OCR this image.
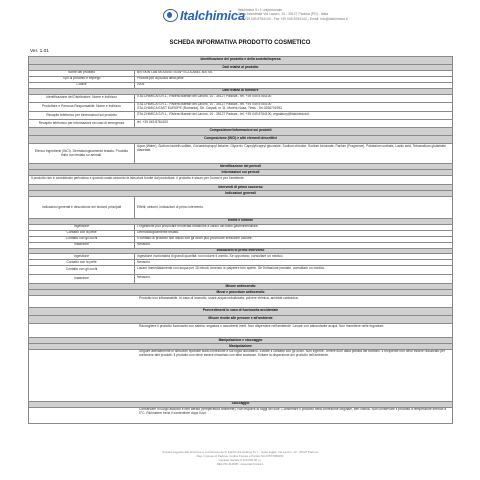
Italchimica
Italchimica S.r.l. unipersonale
Zona Industriale Via Lavoro, 10 - 35127 Padova (PD) - Italia
Tel. +39 049 8764100 - Fax +39 049 8764142 - Email: info@italchimica.it
SCHEDA INFORMATIVA PRODOTTO COSMETICO
Ver. 1.01
Identificazione del prodotto e della società/impresa	
Dati relativi al prodotto	
Nome del prodotto	BN SKIN LAB MOUSSE SOAP ECOLABEL 800 ML
Tipo di prodotto e impiego	Prodotti per la pulizia della pelle
Codice	0005
Dati relativi al fornitore	
Identificazione del Distributore: Nome e Indirizzo	ITALCHIMICA S.R.L., Riviera Maestri del Lavoro, 10 - 35127 Padova - tel. +39 049 8764100
Produttore e Persona Responsabile: Nome e Indirizzo	ITALCHIMICA S.R.L., Riviera Maestri del Lavoro, 10 - 35127 Padova - tel. +39 049 8764100
ITALCHIMICA EAST EUROPE (Romania), Str. Carpati, nr 11, Moreni-Nusa, Timis - Tel.0256701952

Recapito telefonico per informazioni sul prodotto	ITALCHIMICA S.R.L., Riviera Maestri del Lavoro, 10 - 35127 Padova - tel. +39 049 8764100, regulatory@italchimica.it
Recapito telefonico per informazioni nei casi di emergenza	tel. +39 049 8764100
Composizione/informazioni sui prodotti	
Composizione (INCI) e altri elementi descrittivi	
Elenco ingredienti (INCI). Dermatologicamente testato. Prodotto finito non testato su animali.	Aqua (Water), Sodium laureth sulfate, Cocamidopropyl betaine, Glycerin, Caprylyl/capryl glucoside, Sodium chloride, Sodium benzoate, Parfum (Fragrance), Potassium sorbate, Lactic acid, Tetrasodium glutamate diacetate.
Identificazione dei pericoli	
Informazioni sui pericoli	
Il prodotto non è considerato pericoloso e quando usato secondo le istruzioni fornite dal produttore, il prodotto è sicuro per l'uomo e per l'ambiente.	
Interventi di primo soccorso	
Indicazioni generali	
Indicazioni generali e descrizione dei sintomi principali	Effetti, sintomi, indicazioni di primo intervento.
Effetti e sintomi	
Ingestione	L'ingestione può provocare moderata irritazione a carico del tratto gastrointestinale.
Contatto con la pelle	Dermatologicamente testato.
Contatto con gli occhi	Il contatto di prodotto non diluito con gli occhi può provocare irritazione oculare.
Inalazione	Nessuno.
Indicazioni di primo intervento	
Ingestione	Ingestione involontaria di grandi quantità: non indurre il vomito. Se opportuno, consultare un medico.
Contatto con la pelle	Nessuno.
Contatto con gli occhi	Lavare immediatamente con acqua per 15 minuti, tenendo le palpebre ben aperte. Se l'irritazione persiste, consultare un medico.
Inalazione	Nessuno.
Misure antincendio	
Mezzi e procedure antincendio	
Prodotto non infiammabile. In caso di incendio, usare acqua nebulizzata, polvere chimica, anidride carbonica.	
Provvedimenti in caso di fuoriuscita accidentale	
Misure rivolte alle persone e all'ambiente	
Raccogliere il prodotto fuoriuscito con sabbia, segatura o assorbenti inerti. Non disperdere nell'ambiente. Lavare con abbondante acqua. Non immettere nelle fognature.	
Manipolazione e stoccaggio	
Manipolazione	
Seguire attentamente le istruzioni riportate sulla confezione e sul foglio illustrativo. Evitare il contatto con gli occhi. Non ingerire. Tenere fuori dalla portata dei bambini. Il recipiente non deve essere riutilizzato per contenere altri prodotti. Il prodotto non deve essere miscelato con altre sostanze. Evitare la dispersione del prodotto nell'ambiente.	
Stoccaggio	
Conservare in luogo asciutto e ben aerato (temperatura ambiente). Non esporre ai raggi del sole. Conservare il prodotto nella confezione originale, ben chiusa. Non conservare il prodotto a temperature inferiori a 0°C. Richiudere bene il contenitore dopo l'uso.	
Società soggetta alla direzione e coordinamento di Italchimica Holding S.r.l. - Sede legale: Via Lavoro, 10 - 35127 Padova
Reg. Imprese di Padova, Codice Fiscale e Partita IVA 03577080283
Capitale Sociale € 100.000,00 i.v.
REA PD-314695 - www.italchimica.it
